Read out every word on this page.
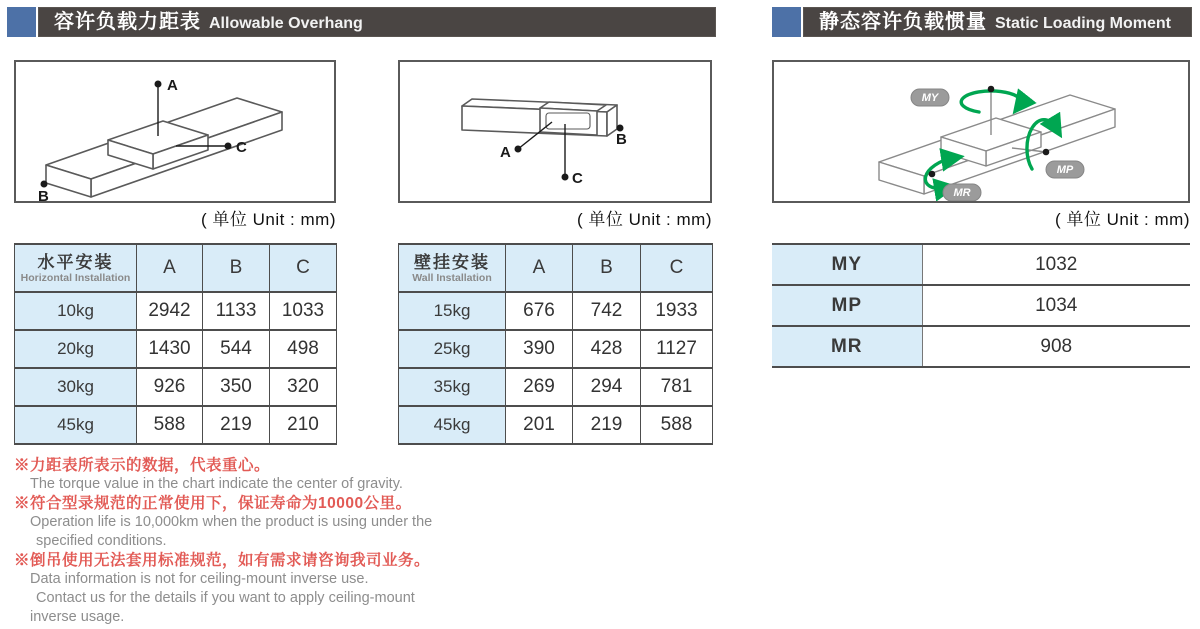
容许负载力距表 Allowable Overhang	静态容许负载惯量 Static Loading Moment
A
C
B
A
C
B
MY
MP
MR
( 单位 Unit : mm)	( 单位 Unit : mm)	( 单位 Unit : mm)
水平安装
Horizontal Installation	A	B	C
10kg	2942	1133	1033
20kg	1430	544	498
30kg	926	350	320
45kg	588	219	210
壁挂安装
Wall Installation	A	B	C
15kg	676	742	1933
25kg	390	428	1127
35kg	269	294	781
45kg	201	219	588
MY	1032
MP	1034
MR	908
※力距表所表示的数据，代表重心。
The torque value in the chart indicate the center of gravity.
※符合型录规范的正常使用下，保证寿命为10000公里。
Operation life is 10,000km when the product is using under the
specified conditions.
※倒吊使用无法套用标准规范，如有需求请咨询我司业务。
Data information is not for ceiling-mount inverse use.
Contact us for the details if you want to apply ceiling-mount
inverse usage.
